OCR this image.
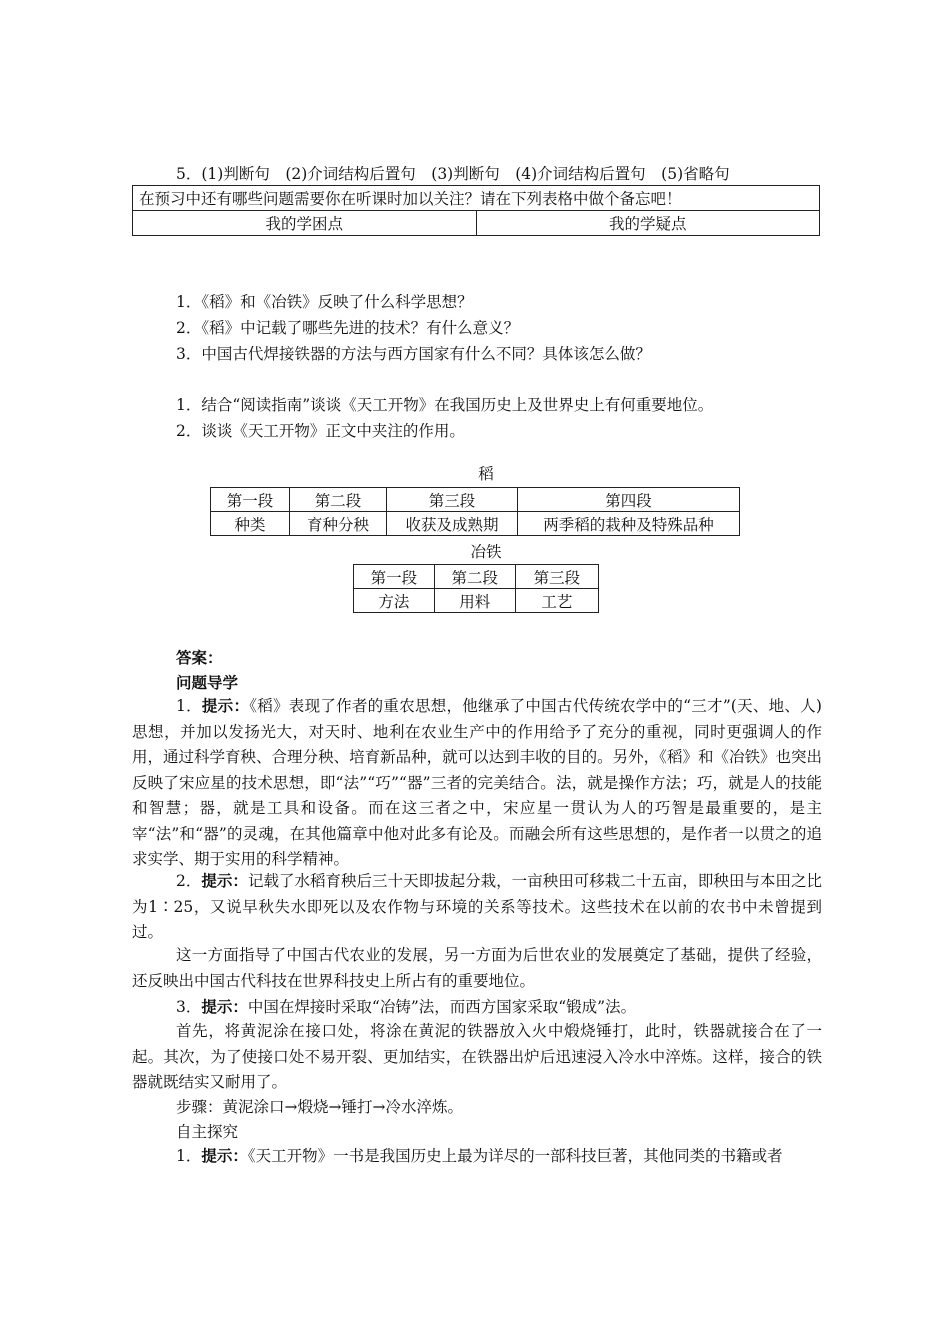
5．(1)判断句　(2)介词结构后置句　(3)判断句　(4)介词结构后置句　(5)省略句
在预习中还有哪些问题需要你在听课时加以关注？请在下列表格中做个备忘吧！
我的学困点	我的学疑点
1．《稻》和《冶铁》反映了什么科学思想？
2．《稻》中记载了哪些先进的技术？有什么意义？
3．中国古代焊接铁器的方法与西方国家有什么不同？具体该怎么做？
1．结合“阅读指南”谈谈《天工开物》在我国历史上及世界史上有何重要地位。
2．谈谈《天工开物》正文中夹注的作用。
稻
第一段	第二段	第三段	第四段
种类	育种分秧	收获及成熟期	两季稻的栽种及特殊品种
冶铁
第一段	第二段	第三段
方法	用料	工艺
答案：
问题导学
1．提示：《稻》表现了作者的重农思想，他继承了中国古代传统农学中的“三才”(天、地、人)思想，并加以发扬光大，对天时、地利在农业生产中的作用给予了充分的重视，同时更强调人的作用，通过科学育秧、合理分秧、培育新品种，就可以达到丰收的目的。另外，《稻》和《冶铁》也突出反映了宋应星的技术思想，即“法”“巧”“器”三者的完美结合。法，就是操作方法；巧，就是人的技能和智慧；器，就是工具和设备。而在这三者之中，宋应星一贯认为人的巧智是最重要的，是主宰“法”和“器”的灵魂，在其他篇章中他对此多有论及。而融会所有这些思想的，是作者一以贯之的追求实学、期于实用的科学精神。
2．提示：记载了水稻育秧后三十天即拔起分栽，一亩秧田可移栽二十五亩，即秧田与本田之比为1∶25，又说早秋失水即死以及农作物与环境的关系等技术。这些技术在以前的农书中未曾提到过。
这一方面指导了中国古代农业的发展，另一方面为后世农业的发展奠定了基础，提供了经验，还反映出中国古代科技在世界科技史上所占有的重要地位。
3．提示：中国在焊接时采取“冶铸”法，而西方国家采取“锻成”法。
首先，将黄泥涂在接口处，将涂在黄泥的铁器放入火中煅烧锤打，此时，铁器就接合在了一起。其次，为了使接口处不易开裂、更加结实，在铁器出炉后迅速浸入冷水中淬炼。这样，接合的铁器就既结实又耐用了。
步骤：黄泥涂口→煅烧→锤打→冷水淬炼。
自主探究
1．提示：《天工开物》一书是我国历史上最为详尽的一部科技巨著，其他同类的书籍或者
